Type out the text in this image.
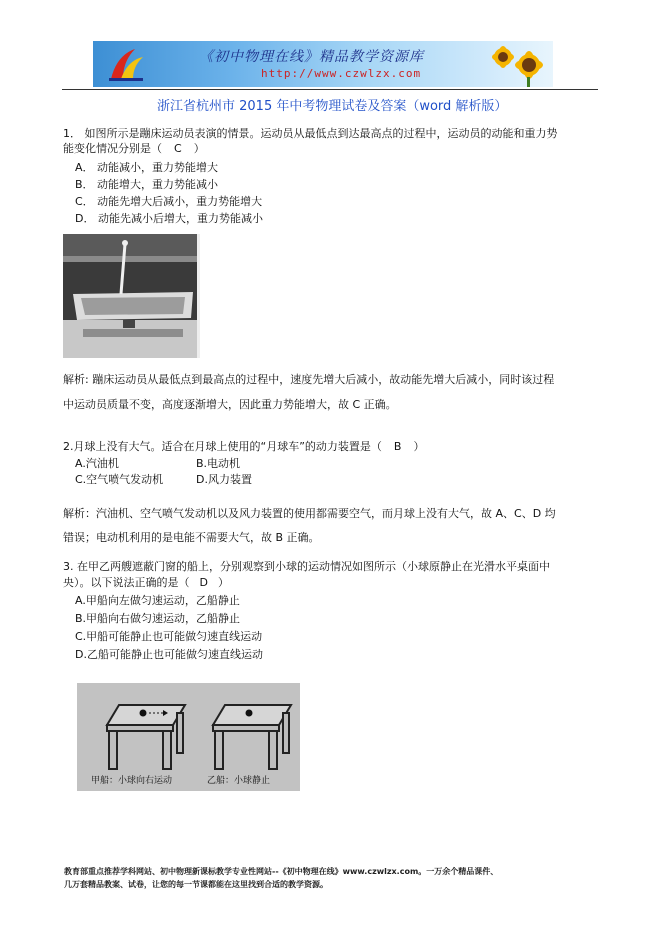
《初中物理在线》精品教学资源库
http://www.czwlzx.com
浙江省杭州市 2015 年中考物理试卷及答案（word 解析版）
1． 如图所示是蹦床运动员表演的情景。运动员从最低点到达最高点的过程中，运动员的动能和重力势
能变化情况分别是（ C ）
A． 动能减小，重力势能增大
B． 动能增大，重力势能减小
C． 动能先增大后减小，重力势能增大
D． 动能先减小后增大，重力势能减小
解析: 蹦床运动员从最低点到最高点的过程中，速度先增大后减小，故动能先增大后减小，同时该过程
中运动员质量不变，高度逐渐增大，因此重力势能增大，故 C 正确。
2.月球上没有大气。适合在月球上使用的“月球车”的动力装置是（ B ）
A.汽油机	B.电动机
C.空气喷气发动机	D.风力装置
解析：汽油机、空气喷气发动机以及风力装置的使用都需要空气，而月球上没有大气，故 A、C、D 均
错误；电动机利用的是电能不需要大气，故 B 正确。
3. 在甲乙两艘遮蔽门窗的船上，分别观察到小球的运动情况如图所示（小球原静止在光滑水平桌面中
央）。以下说法正确的是（ D ）
A.甲船向左做匀速运动，乙船静止
B.甲船向右做匀速运动，乙船静止
C.甲船可能静止也可能做匀速直线运动
D.乙船可能静止也可能做匀速直线运动
甲船：小球向右运动	乙船：小球静止
教育部重点推荐学科网站、初中物理新课标教学专业性网站--《初中物理在线》www.czwlzx.com。一万余个精品课件、
几万套精品教案、试卷，让您的每一节课都能在这里找到合适的教学资源。
